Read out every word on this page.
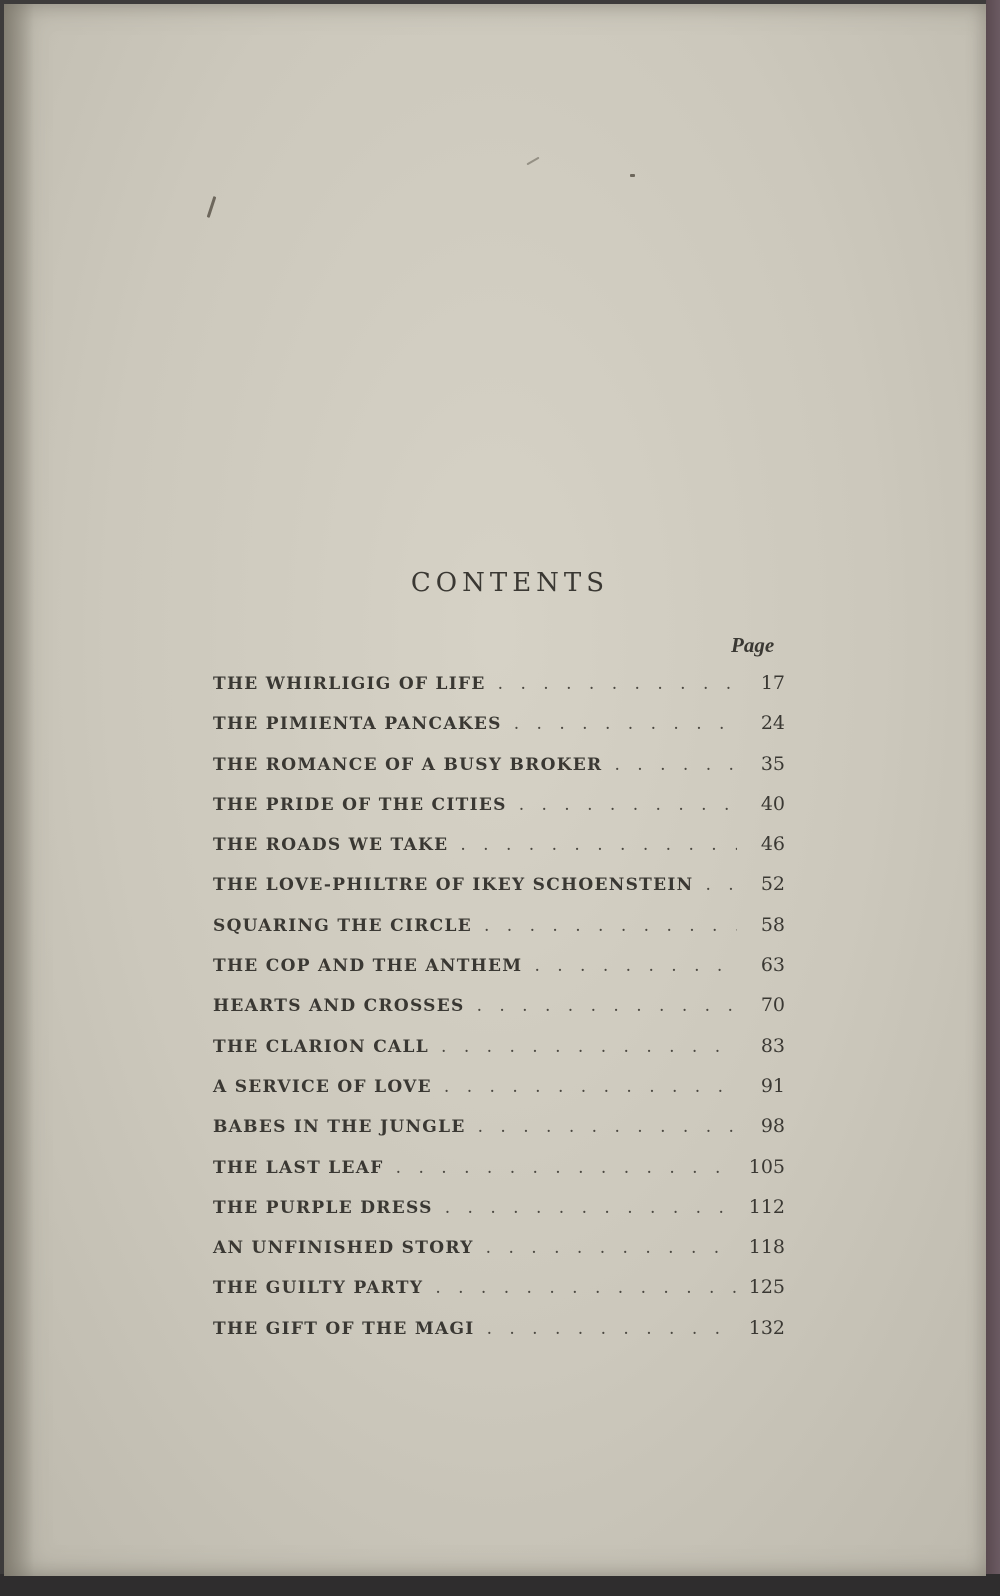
CONTENTS
Page
THE WHIRLIGIG OF LIFE . . .	17
THE PIMIENTA PANCAKES . . .	24
THE ROMANCE OF A BUSY BROKER . . .	35
THE PRIDE OF THE CITIES . . .	40
THE ROADS WE TAKE . . .	46
THE LOVE-PHILTRE OF IKEY SCHOENSTEIN . . .	52
SQUARING THE CIRCLE . . .	58
THE COP AND THE ANTHEM . . .	63
HEARTS AND CROSSES . . .	70
THE CLARION CALL . . .	83
A SERVICE OF LOVE . . .	91
BABES IN THE JUNGLE . . .	98
THE LAST LEAF . . .	105
THE PURPLE DRESS . . .	112
AN UNFINISHED STORY . . .	118
THE GUILTY PARTY . . .	125
THE GIFT OF THE MAGI . . .	132
